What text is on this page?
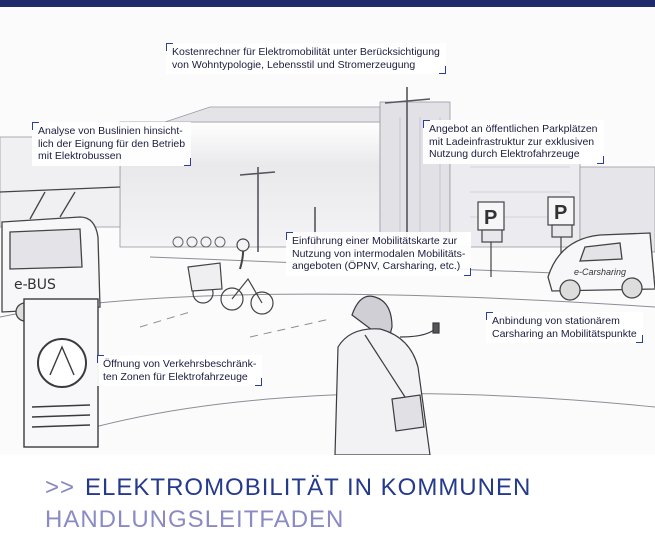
e-BUS
P	P
e-Carsharing
Kostenrechner für Elektromobilität unter Berücksichtigung
von Wohntypologie, Lebensstil und Stromerzeugung
Analyse von Buslinien hinsicht-
lich der Eignung für den Betrieb
mit Elektrobussen
Angebot an öffentlichen Parkplätzen
mit Ladeinfrastruktur zur exklusiven
Nutzung durch Elektrofahrzeuge
Einführung einer Mobilitätskarte zur
Nutzung von intermodalen Mobilitäts-
angeboten (ÖPNV, Carsharing, etc.)
Anbindung von stationärem
Carsharing an Mobilitätspunkte
Öffnung von Verkehrsbeschränk-
ten Zonen für Elektrofahrzeuge
>> ELEKTROMOBILITÄT IN KOMMUNEN
HANDLUNGSLEITFADEN
